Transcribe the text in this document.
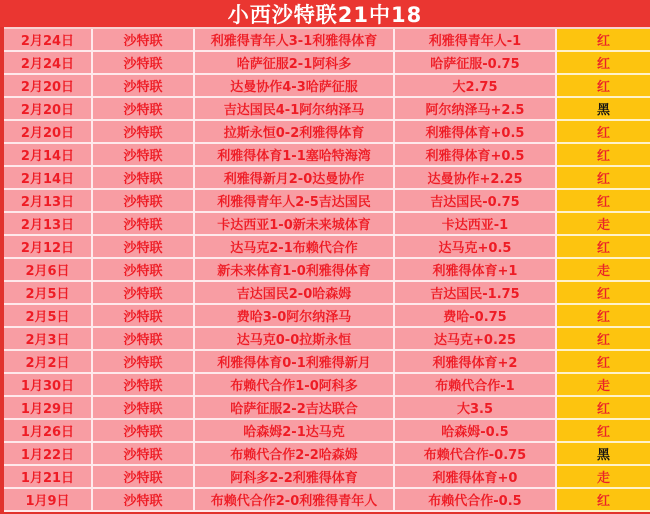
小西沙特联21中18
2月24日	沙特联	利雅得青年人3-1利雅得体育	利雅得青年人-1	红
2月24日	沙特联	哈萨征服2-1阿科多	哈萨征服-0.75	红
2月20日	沙特联	达曼协作4-3哈萨征服	大2.75	红
2月20日	沙特联	吉达国民4-1阿尔纳泽马	阿尔纳泽马+2.5	黑
2月20日	沙特联	拉斯永恒0-2利雅得体育	利雅得体育+0.5	红
2月14日	沙特联	利雅得体育1-1塞哈特海湾	利雅得体育+0.5	红
2月14日	沙特联	利雅得新月2-0达曼协作	达曼协作+2.25	红
2月13日	沙特联	利雅得青年人2-5吉达国民	吉达国民-0.75	红
2月13日	沙特联	卡达西亚1-0新未来城体育	卡达西亚-1	走
2月12日	沙特联	达马克2-1布赖代合作	达马克+0.5	红
2月6日	沙特联	新未来体育1-0利雅得体育	利雅得体育+1	走
2月5日	沙特联	吉达国民2-0哈森姆	吉达国民-1.75	红
2月5日	沙特联	费哈3-0阿尔纳泽马	费哈-0.75	红
2月3日	沙特联	达马克0-0拉斯永恒	达马克+0.25	红
2月2日	沙特联	利雅得体育0-1利雅得新月	利雅得体育+2	红
1月30日	沙特联	布赖代合作1-0阿科多	布赖代合作-1	走
1月29日	沙特联	哈萨征服2-2吉达联合	大3.5	红
1月26日	沙特联	哈森姆2-1达马克	哈森姆-0.5	红
1月22日	沙特联	布赖代合作2-2哈森姆	布赖代合作-0.75	黑
1月21日	沙特联	阿科多2-2利雅得体育	利雅得体育+0	走
1月9日	沙特联	布赖代合作2-0利雅得青年人	布赖代合作-0.5	红
